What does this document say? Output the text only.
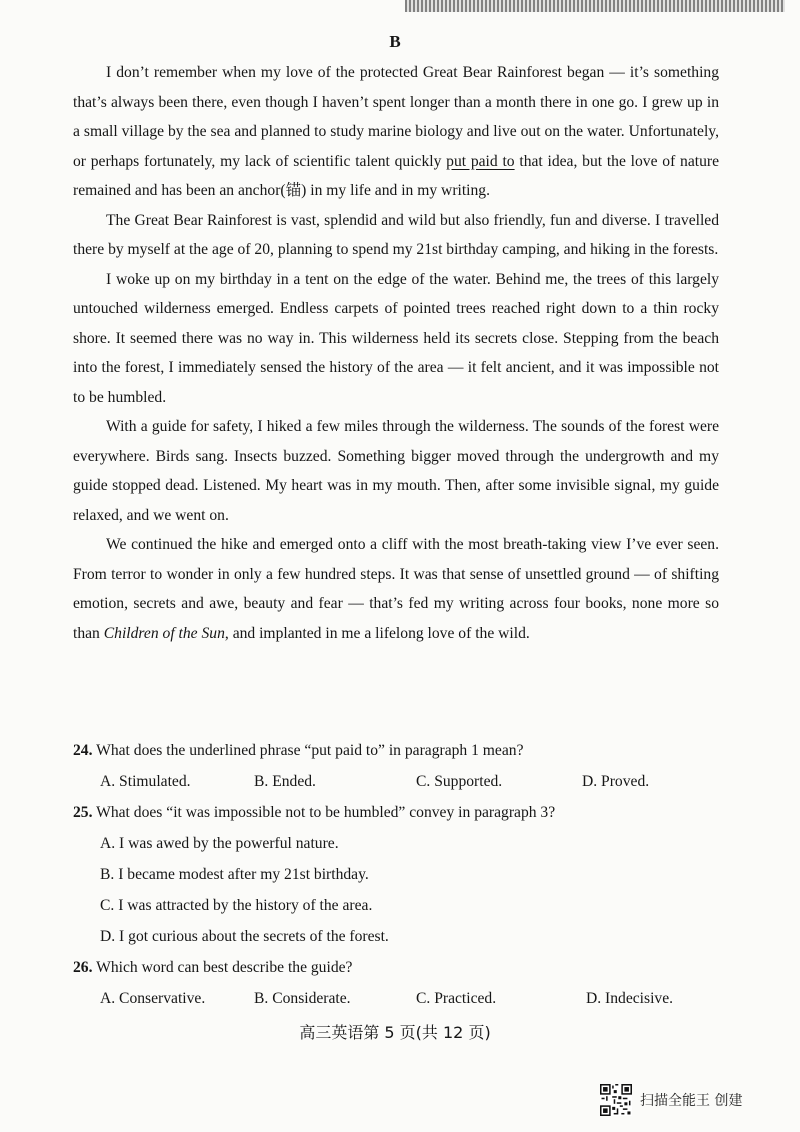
B

I don’t remember when my love of the protected Great Bear Rainforest began — it’s something that’s always been there, even though I haven’t spent longer than a month there in one go. I grew up in a small village by the sea and planned to study marine biology and live out on the water. Unfortunately, or perhaps fortunately, my lack of scientific talent quickly put paid to that idea, but the love of nature remained and has been an anchor(锚) in my life and in my writing.

The Great Bear Rainforest is vast, splendid and wild but also friendly, fun and diverse. I travelled there by myself at the age of 20, planning to spend my 21st birthday camping, and hiking in the forests.

I woke up on my birthday in a tent on the edge of the water. Behind me, the trees of this largely untouched wilderness emerged. Endless carpets of pointed trees reached right down to a thin rocky shore. It seemed there was no way in. This wilderness held its secrets close. Stepping from the beach into the forest, I immediately sensed the history of the area — it felt ancient, and it was impossible not to be humbled.

With a guide for safety, I hiked a few miles through the wilderness. The sounds of the forest were everywhere. Birds sang. Insects buzzed. Something bigger moved through the undergrowth and my guide stopped dead. Listened. My heart was in my mouth. Then, after some invisible signal, my guide relaxed, and we went on.

We continued the hike and emerged onto a cliff with the most breath-taking view I’ve ever seen. From terror to wonder in only a few hundred steps. It was that sense of unsettled ground — of shifting emotion, secrets and awe, beauty and fear — that’s fed my writing across four books, none more so than Children of the Sun, and implanted in me a lifelong love of the wild.

24. What does the underlined phrase “put paid to” in paragraph 1 mean?
A. Stimulated.	B. Ended.	C. Supported.	D. Proved.
25. What does “it was impossible not to be humbled” convey in paragraph 3?
A. I was awed by the powerful nature.
B. I became modest after my 21st birthday.
C. I was attracted by the history of the area.
D. I got curious about the secrets of the forest.
26. Which word can best describe the guide?
A. Conservative.	B. Considerate.	C. Practiced.	D. Indecisive.
高三英语第 5 页(共 12 页)
扫描全能王 创建
